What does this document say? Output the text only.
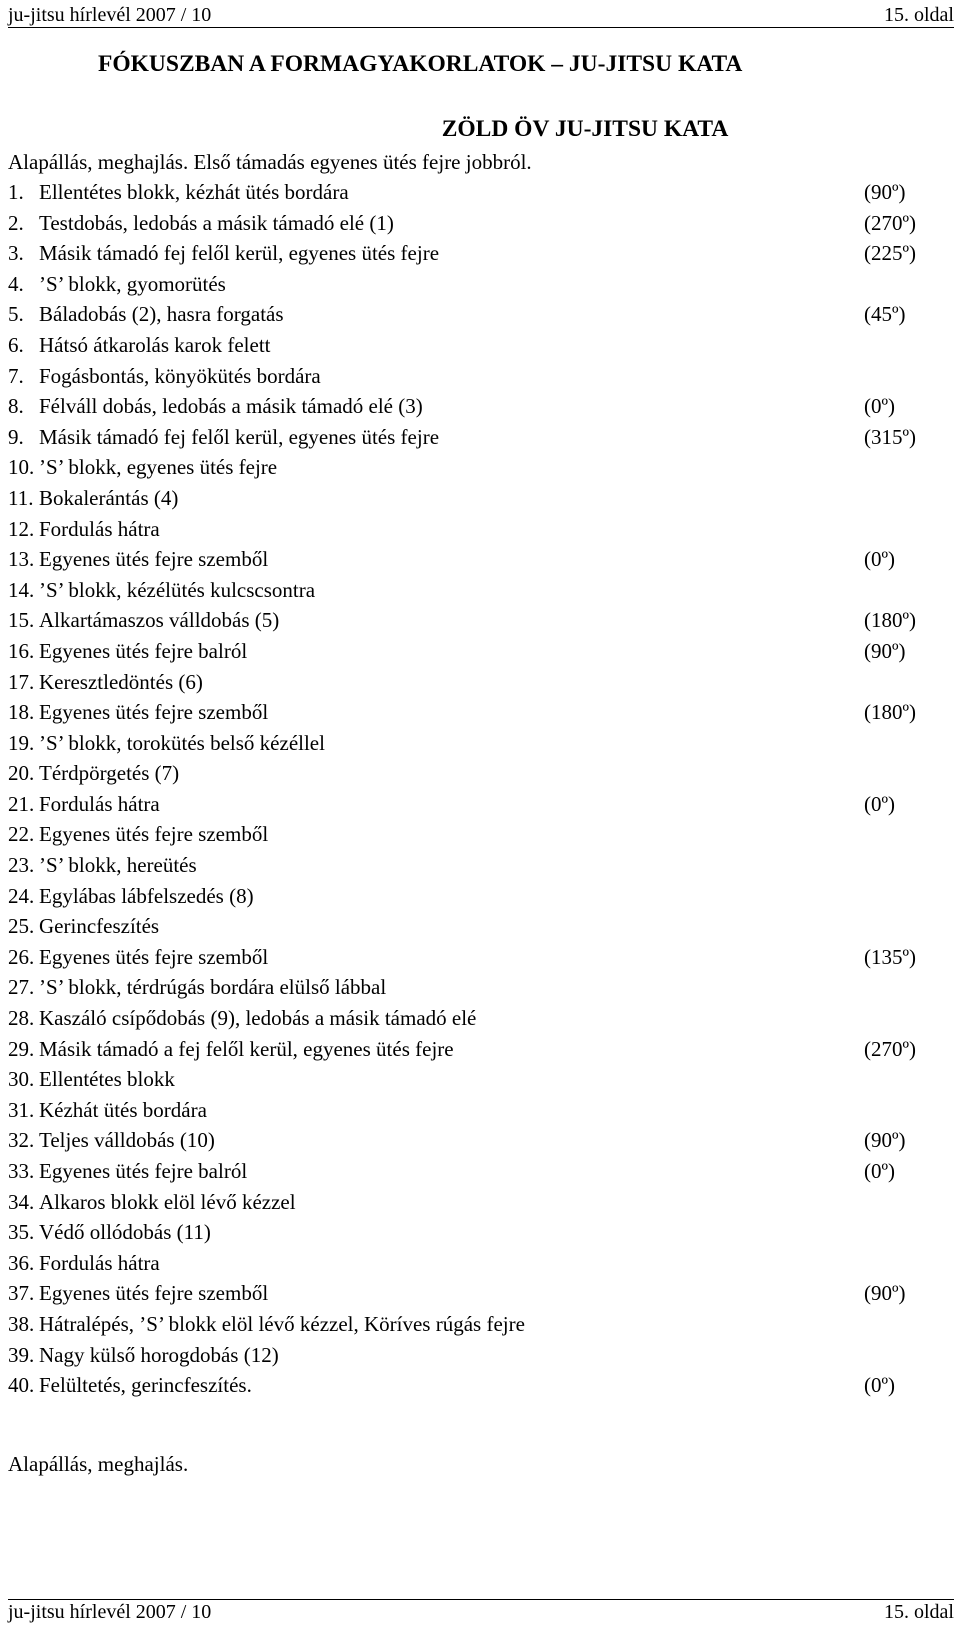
ju-jitsu hírlevél 2007 / 10	15. oldal
FÓKUSZBAN A FORMAGYAKORLATOK – JU-JITSU KATA
ZÖLD ÖV JU-JITSU KATA
Alapállás, meghajlás. Első támadás egyenes ütés fejre jobbról.
1. Ellentétes blokk, kézhát ütés bordára	(90º)
2. Testdobás, ledobás a másik támadó elé (1)	(270º)
3. Másik támadó fej felől kerül, egyenes ütés fejre	(225º)
4. ’S’ blokk, gyomorütés
5. Báladobás (2), hasra forgatás	(45º)
6. Hátsó átkarolás karok felett
7. Fogásbontás, könyökütés bordára
8. Félváll dobás, ledobás a másik támadó elé (3)	(0º)
9. Másik támadó fej felől kerül, egyenes ütés fejre	(315º)
10. ’S’ blokk, egyenes ütés fejre
11. Bokalerántás (4)
12. Fordulás hátra
13. Egyenes ütés fejre szemből	(0º)
14. ’S’ blokk, kézélütés kulcscsontra
15. Alkartámaszos válldobás (5)	(180º)
16. Egyenes ütés fejre balról	(90º)
17. Keresztledöntés (6)
18. Egyenes ütés fejre szemből	(180º)
19. ’S’ blokk, torokütés belső kézéllel
20. Térdpörgetés (7)
21. Fordulás hátra	(0º)
22. Egyenes ütés fejre szemből
23. ’S’ blokk, hereütés
24. Egylábas lábfelszedés (8)
25. Gerincfeszítés
26. Egyenes ütés fejre szemből	(135º)
27. ’S’ blokk, térdrúgás bordára elülső lábbal
28. Kaszáló csípődobás (9), ledobás a másik támadó elé
29. Másik támadó a fej felől kerül, egyenes ütés fejre	(270º)
30. Ellentétes blokk
31. Kézhát ütés bordára
32. Teljes válldobás (10)	(90º)
33. Egyenes ütés fejre balról	(0º)
34. Alkaros blokk elöl lévő kézzel
35. Védő ollódobás (11)
36. Fordulás hátra
37. Egyenes ütés fejre szemből	(90º)
38. Hátralépés, ’S’ blokk elöl lévő kézzel, Köríves rúgás fejre
39. Nagy külső horogdobás (12)
40. Felültetés, gerincfeszítés.	(0º)
Alapállás, meghajlás.
ju-jitsu hírlevél 2007 / 10	15. oldal
